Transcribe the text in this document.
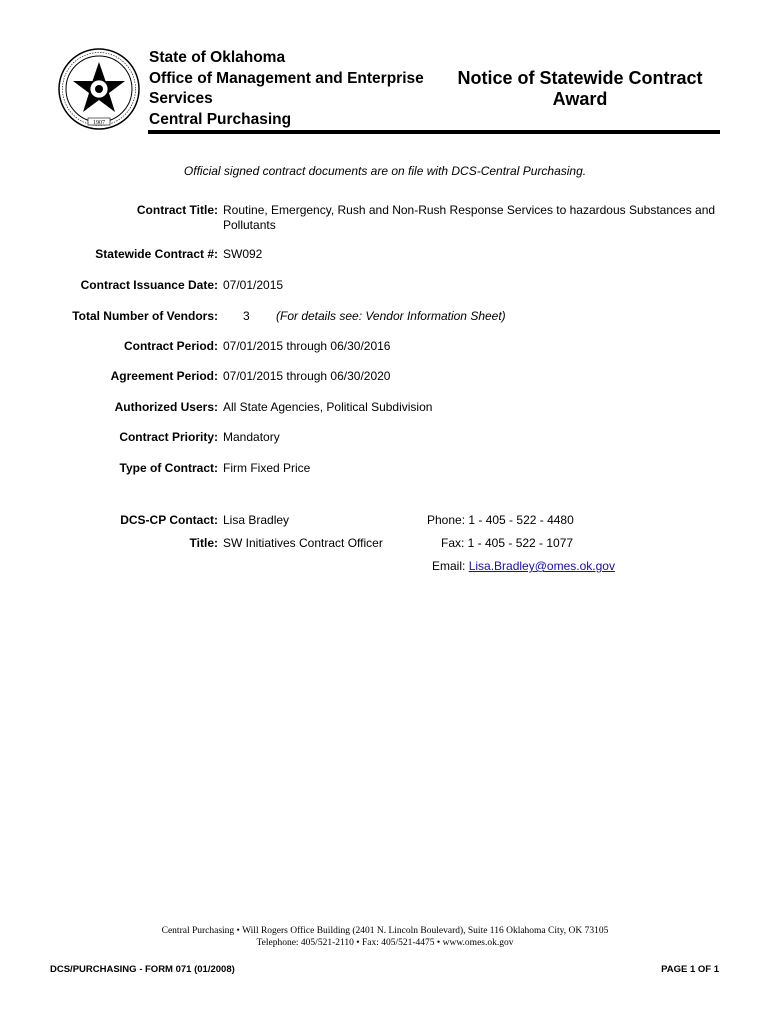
1907
State of Oklahoma
Office of Management and Enterprise
Services
Central Purchasing
Notice of Statewide Contract
Award
Official signed contract documents are on file with DCS-Central Purchasing.
Contract Title: Routine, Emergency, Rush and Non-Rush Response Services to hazardous Substances and Pollutants
Statewide Contract #: SW092
Contract Issuance Date: 07/01/2015
Total Number of Vendors: 3 (For details see: Vendor Information Sheet)
Contract Period: 07/01/2015 through 06/30/2016
Agreement Period: 07/01/2015 through 06/30/2020
Authorized Users: All State Agencies, Political Subdivision
Contract Priority: Mandatory
Type of Contract: Firm Fixed Price
DCS-CP Contact: Lisa Bradley
Title: SW Initiatives Contract Officer
Phone: 1 - 405 - 522 - 4480
Fax: 1 - 405 - 522 - 1077
Email: Lisa.Bradley@omes.ok.gov
Central Purchasing • Will Rogers Office Building (2401 N. Lincoln Boulevard), Suite 116 Oklahoma City, OK 73105
Telephone: 405/521-2110 • Fax: 405/521-4475 • www.omes.ok.gov
DCS/PURCHASING - FORM 071 (01/2008)	PAGE 1 OF 1
